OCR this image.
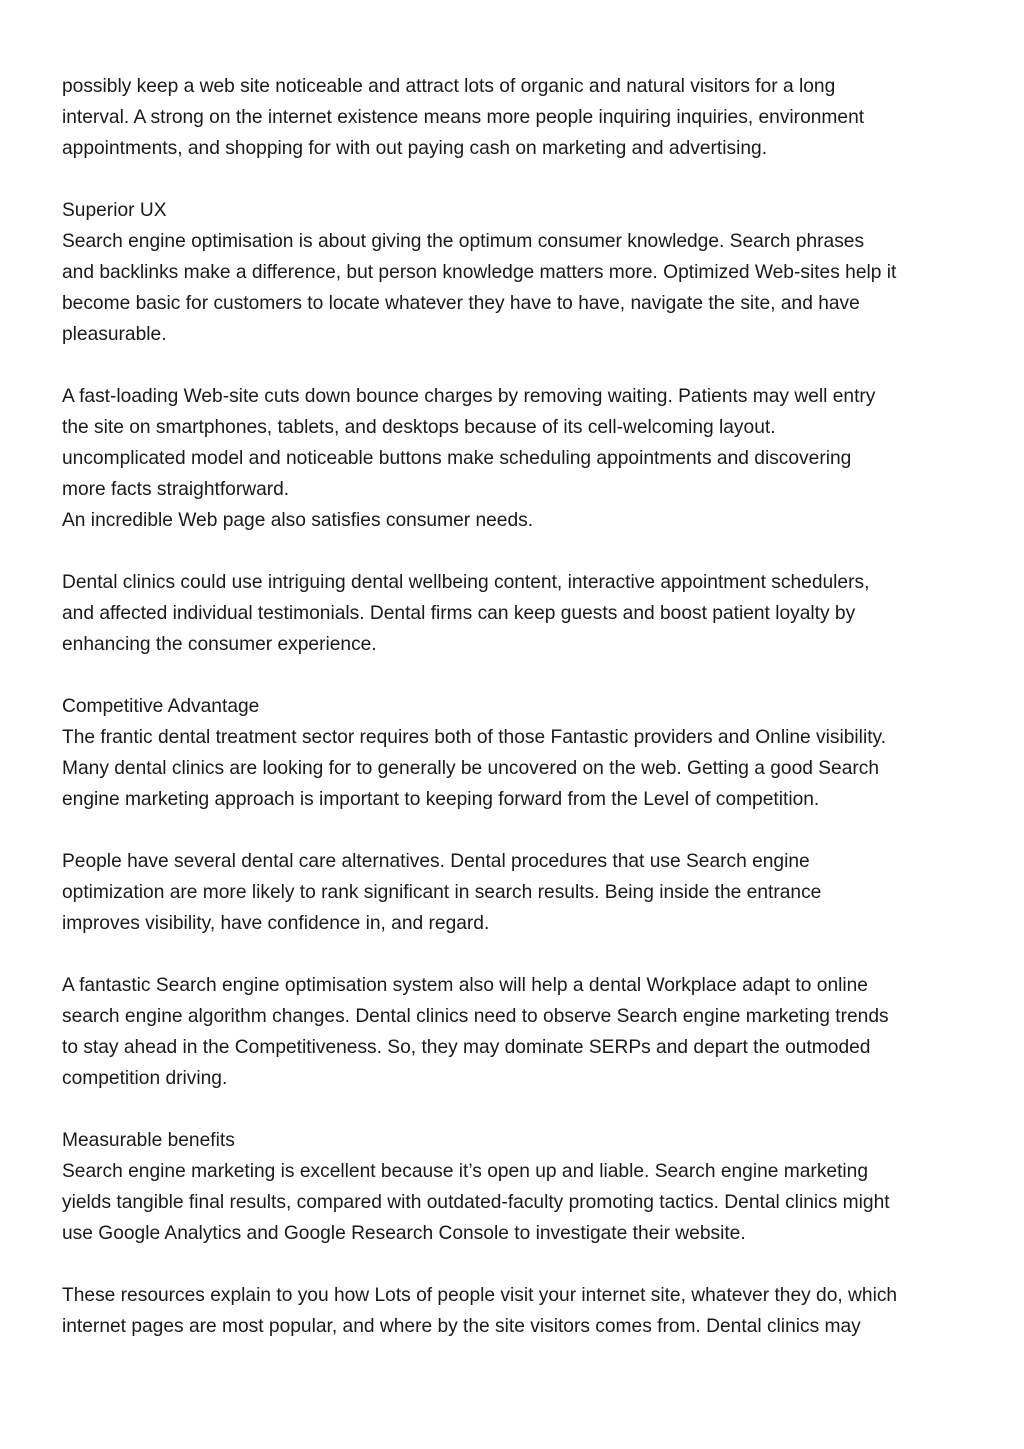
possibly keep a web site noticeable and attract lots of organic and natural visitors for a long
interval. A strong on the internet existence means more people inquiring inquiries, environment
appointments, and shopping for with out paying cash on marketing and advertising.
Superior UX
Search engine optimisation is about giving the optimum consumer knowledge. Search phrases
and backlinks make a difference, but person knowledge matters more. Optimized Web-sites help it
become basic for customers to locate whatever they have to have, navigate the site, and have
pleasurable.
A fast-loading Web-site cuts down bounce charges by removing waiting. Patients may well entry
the site on smartphones, tablets, and desktops because of its cell-welcoming layout.
uncomplicated model and noticeable buttons make scheduling appointments and discovering
more facts straightforward.
An incredible Web page also satisfies consumer needs.
Dental clinics could use intriguing dental wellbeing content, interactive appointment schedulers,
and affected individual testimonials. Dental firms can keep guests and boost patient loyalty by
enhancing the consumer experience.
Competitive Advantage
The frantic dental treatment sector requires both of those Fantastic providers and Online visibility.
Many dental clinics are looking for to generally be uncovered on the web. Getting a good Search
engine marketing approach is important to keeping forward from the Level of competition.
People have several dental care alternatives. Dental procedures that use Search engine
optimization are more likely to rank significant in search results. Being inside the entrance
improves visibility, have confidence in, and regard.
A fantastic Search engine optimisation system also will help a dental Workplace adapt to online
search engine algorithm changes. Dental clinics need to observe Search engine marketing trends
to stay ahead in the Competitiveness. So, they may dominate SERPs and depart the outmoded
competition driving.
Measurable benefits
Search engine marketing is excellent because it’s open up and liable. Search engine marketing
yields tangible final results, compared with outdated-faculty promoting tactics. Dental clinics might
use Google Analytics and Google Research Console to investigate their website.
These resources explain to you how Lots of people visit your internet site, whatever they do, which
internet pages are most popular, and where by the site visitors comes from. Dental clinics may
